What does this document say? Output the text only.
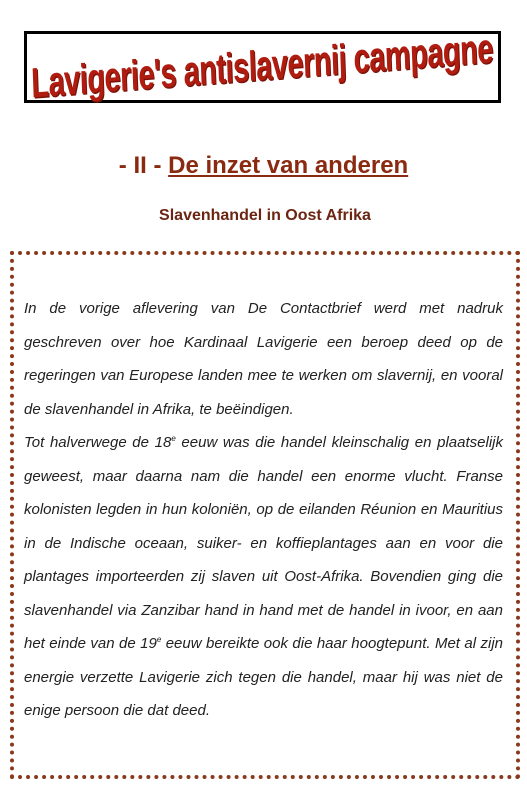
Lavigerie's antislavernij campagne
- II - De inzet van anderen
Slavenhandel in Oost Afrika

In de vorige aflevering van De Contactbrief werd met nadruk geschreven over hoe Kardinaal Lavigerie een beroep deed op de regeringen van Europese landen mee te werken om slavernij, en vooral de slavenhandel in Afrika, te beëindigen.

Tot halverwege de 18e eeuw was die handel kleinschalig en plaatselijk geweest, maar daarna nam die handel een enorme vlucht. Franse kolonisten legden in hun koloniën, op de eilanden Réunion en Mauritius in de Indische oceaan, suiker- en koffieplantages aan en voor die plantages importeerden zij slaven uit Oost-Afrika. Bovendien ging die slavenhandel via Zanzibar hand in hand met de handel in ivoor, en aan het einde van de 19e eeuw bereikte ook die haar hoogtepunt. Met al zijn energie verzette Lavigerie zich tegen die handel, maar hij was niet de enige persoon die dat deed.
